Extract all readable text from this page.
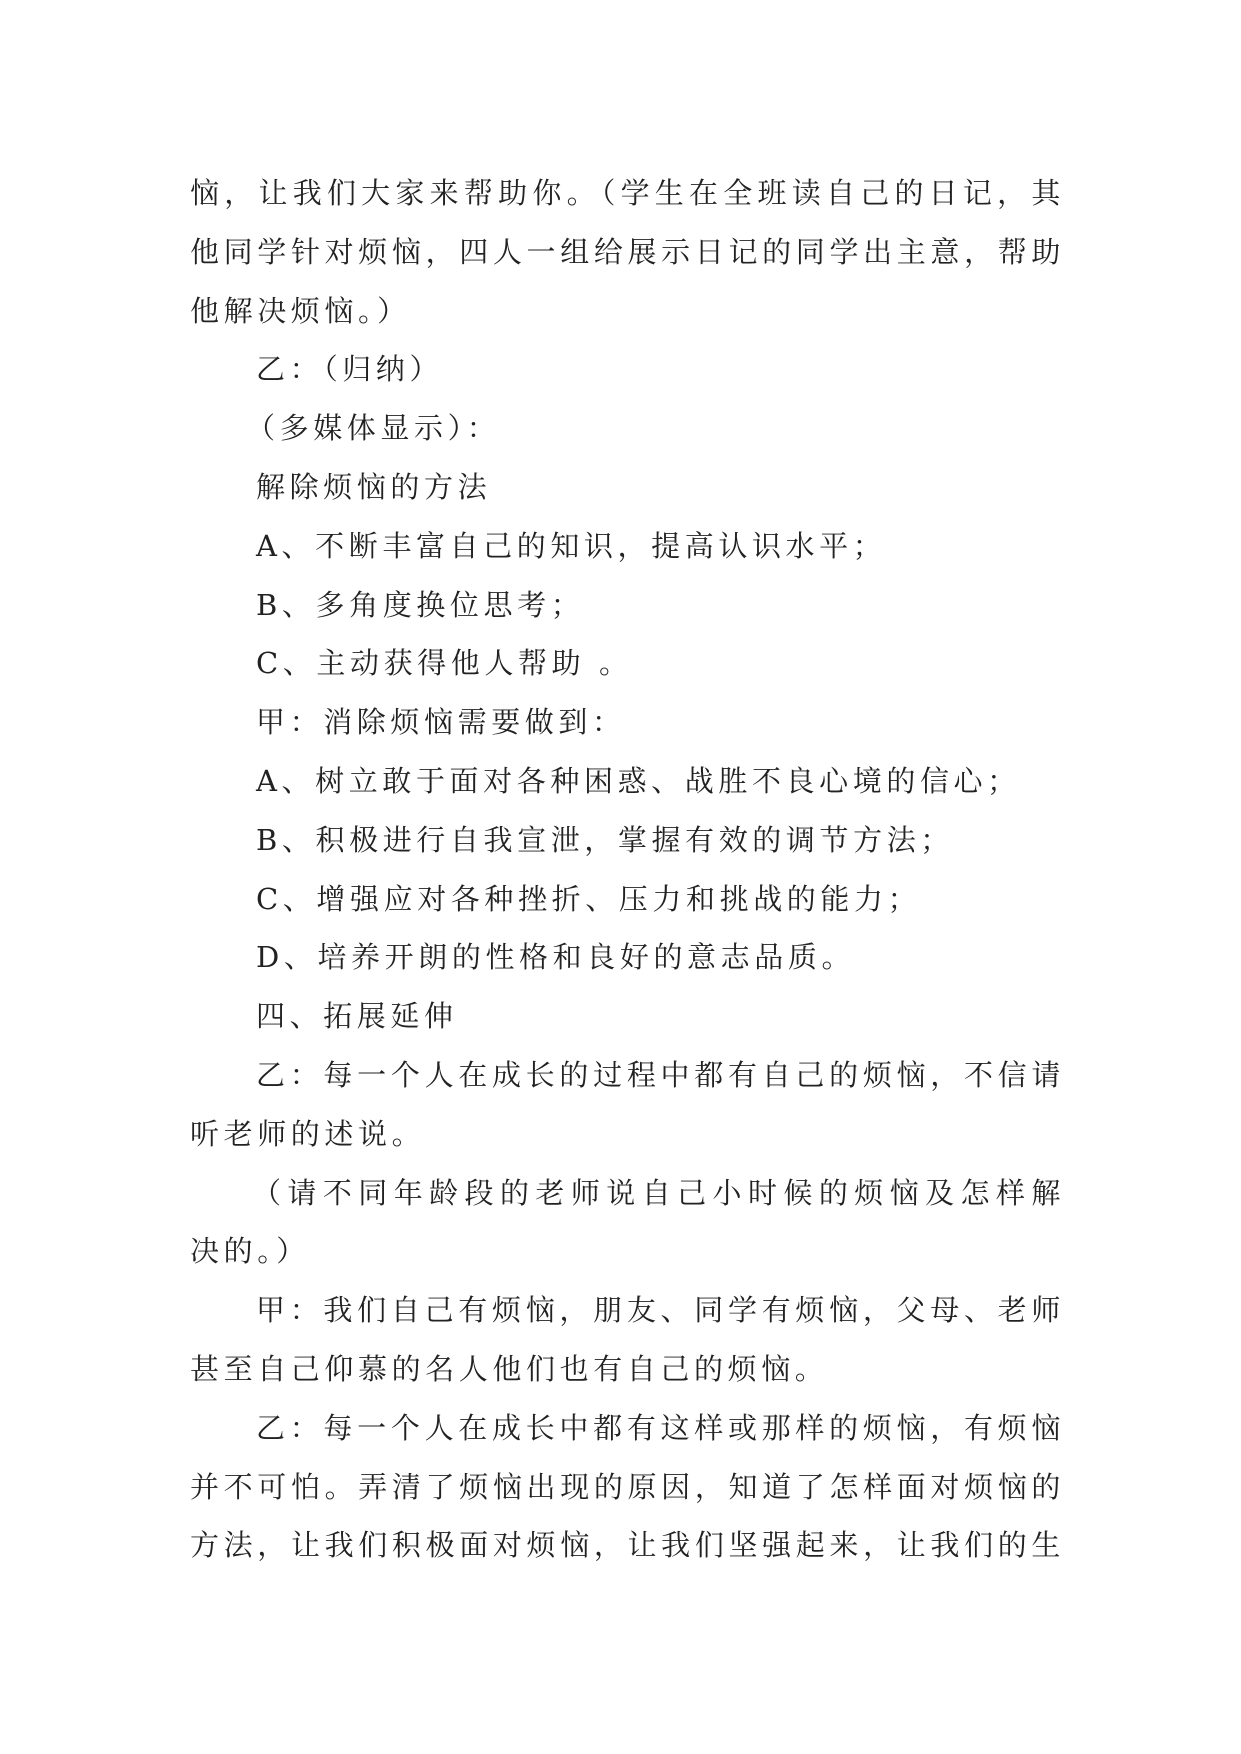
恼，让我们大家来帮助你。（学生在全班读自己的日记，其
他同学针对烦恼，四人一组给展示日记的同学出主意，帮助
他解决烦恼。）
乙：（归纳）
（多媒体显示）：
解除烦恼的方法
A、不断丰富自己的知识，提高认识水平；
B、多角度换位思考；
C、主动获得他人帮助 。
甲：消除烦恼需要做到：
A、树立敢于面对各种困惑、战胜不良心境的信心；
B、积极进行自我宣泄，掌握有效的调节方法；
C、增强应对各种挫折、压力和挑战的能力；
D、培养开朗的性格和良好的意志品质。
四、拓展延伸
乙：每一个人在成长的过程中都有自己的烦恼，不信请
听老师的述说。
（请不同年龄段的老师说自己小时候的烦恼及怎样解
决的。）
甲：我们自己有烦恼，朋友、同学有烦恼，父母、老师
甚至自己仰慕的名人他们也有自己的烦恼。
乙：每一个人在成长中都有这样或那样的烦恼，有烦恼
并不可怕。弄清了烦恼出现的原因，知道了怎样面对烦恼的
方法，让我们积极面对烦恼，让我们坚强起来，让我们的生
